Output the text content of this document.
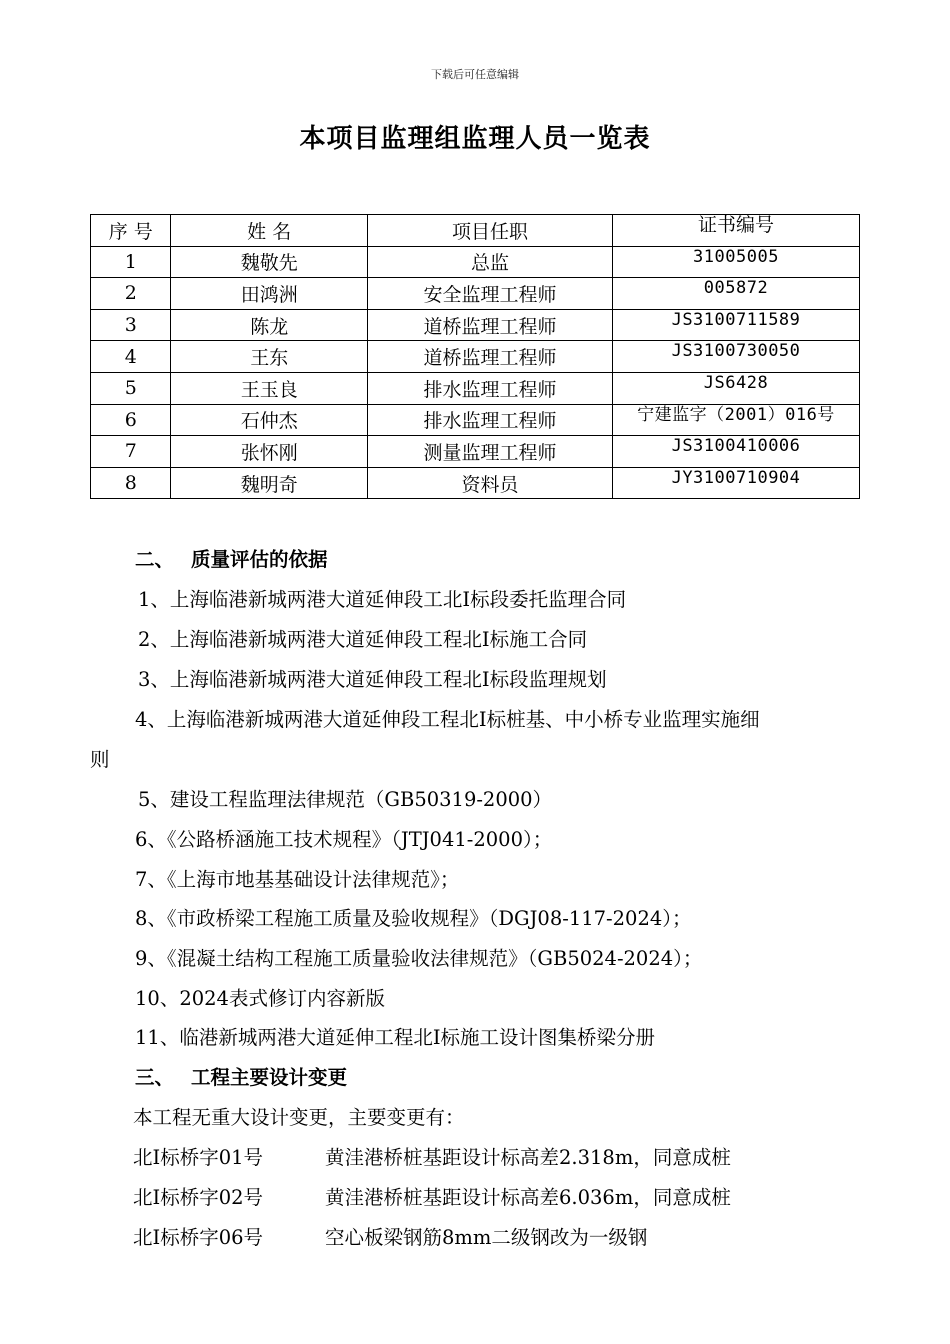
下载后可任意编辑
本项目监理组监理人员一览表
序 号	姓 名	项目任职	证书编号
1	魏敬先	总监	31005005
2	田鸿洲	安全监理工程师	005872
3	陈龙	道桥监理工程师	JS3100711589
4	王东	道桥监理工程师	JS3100730050
5	王玉良	排水监理工程师	JS6428
6	石仲杰	排水监理工程师	宁建监字（2001）016号
7	张怀刚	测量监理工程师	JS3100410006
8	魏明奇	资料员	JY3100710904
二、 质量评估的依据
1、上海临港新城两港大道延伸段工北Ⅰ标段委托监理合同
2、上海临港新城两港大道延伸段工程北Ⅰ标施工合同
3、上海临港新城两港大道延伸段工程北Ⅰ标段监理规划
4、上海临港新城两港大道延伸段工程北Ⅰ标桩基、中小桥专业监理实施细
则
5、建设工程监理法律规范（GB50319-2000）
6、《公路桥涵施工技术规程》（JTJ041-2000）；
7、《上海市地基基础设计法律规范》；
8、《市政桥梁工程施工质量及验收规程》（DGJ08-117-2024）；
9、《混凝土结构工程施工质量验收法律规范》（GB5024-2024）；
10、2024表式修订内容新版
11、临港新城两港大道延伸工程北Ⅰ标施工设计图集桥梁分册
三、 工程主要设计变更
本工程无重大设计变更，主要变更有：
北Ⅰ标桥字01号	黄洼港桥桩基距设计标高差2.318m，同意成桩
北Ⅰ标桥字02号	黄洼港桥桩基距设计标高差6.036m，同意成桩
北Ⅰ标桥字06号	空心板梁钢筋8mm二级钢改为一级钢
